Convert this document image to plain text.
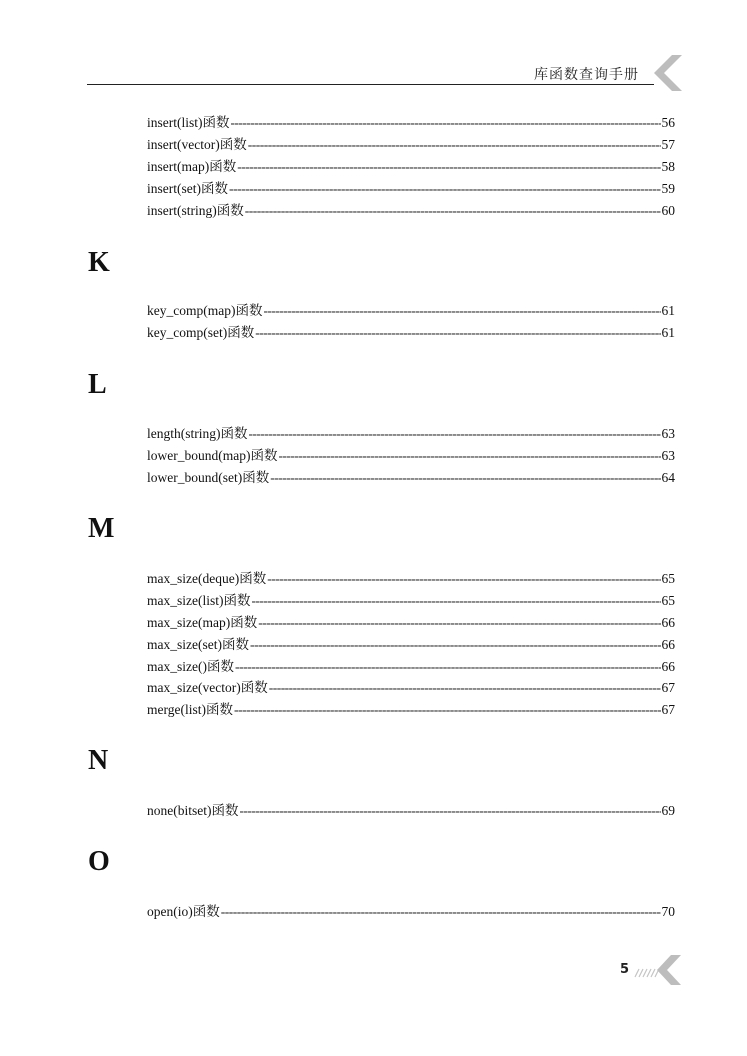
库函数查询手册
insert(list)函数 -----	56
insert(vector)函数 -----	57
insert(map)函数 -----	58
insert(set)函数 -----	59
insert(string)函数 -----	60
K
key_comp(map)函数 -----	61
key_comp(set)函数 -----	61
L
length(string)函数 -----	63
lower_bound(map)函数 -----	63
lower_bound(set)函数 -----	64
M
max_size(deque)函数 -----	65
max_size(list)函数 -----	65
max_size(map)函数 -----	66
max_size(set)函数 -----	66
max_size()函数 -----	66
max_size(vector)函数 -----	67
merge(list)函数 -----	67
N
none(bitset)函数 -----	69
O
open(io)函数 -----	70
5
